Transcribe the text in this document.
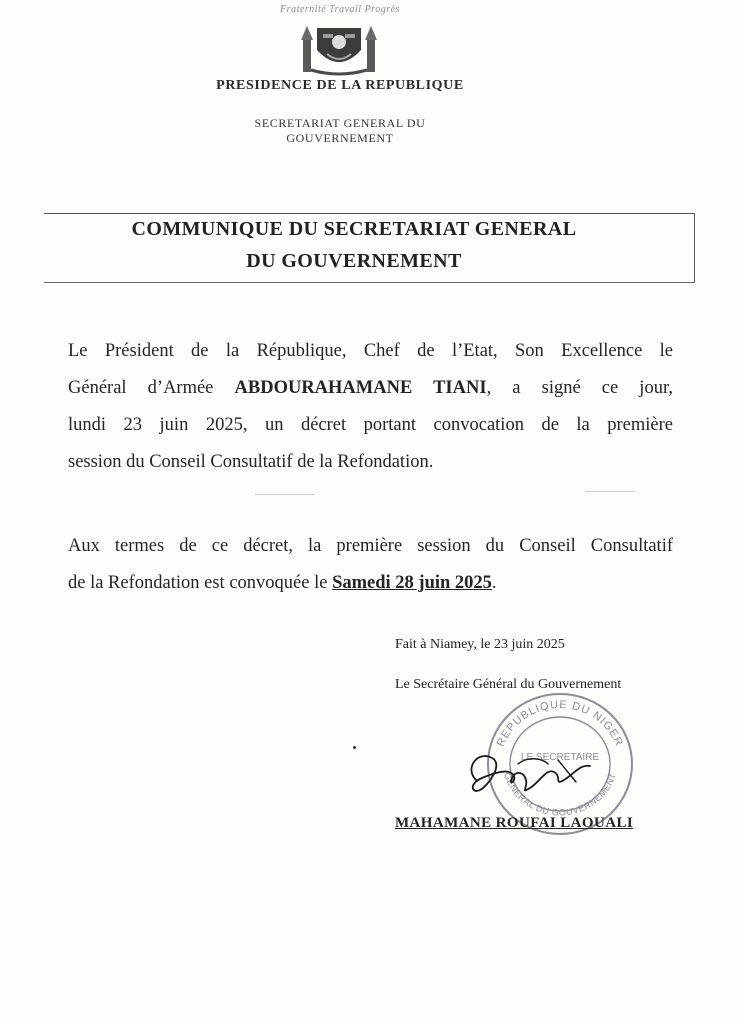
Fraternité Travail Progrès
PRESIDENCE DE LA REPUBLIQUE
SECRETARIAT GENERAL DU
GOUVERNEMENT
COMMUNIQUE DU SECRETARIAT GENERAL
DU GOUVERNEMENT
Le Président de la République, Chef de l’Etat, Son Excellence le
Général d’Armée ABDOURAHAMANE TIANI, a signé ce jour,
lundi 23 juin 2025, un décret portant convocation de la première
session du Conseil Consultatif de la Refondation.
Aux termes de ce décret, la première session du Conseil Consultatif
de la Refondation est convoquée le Samedi 28 juin 2025.
Fait à Niamey, le 23 juin 2025
Le Secrétaire Général du Gouvernement
REPUBLIQUE DU NIGER
GENERAL DU GOUVERNEMENT
LE SECRETAIRE
MAHAMANE ROUFAI LAOUALI
